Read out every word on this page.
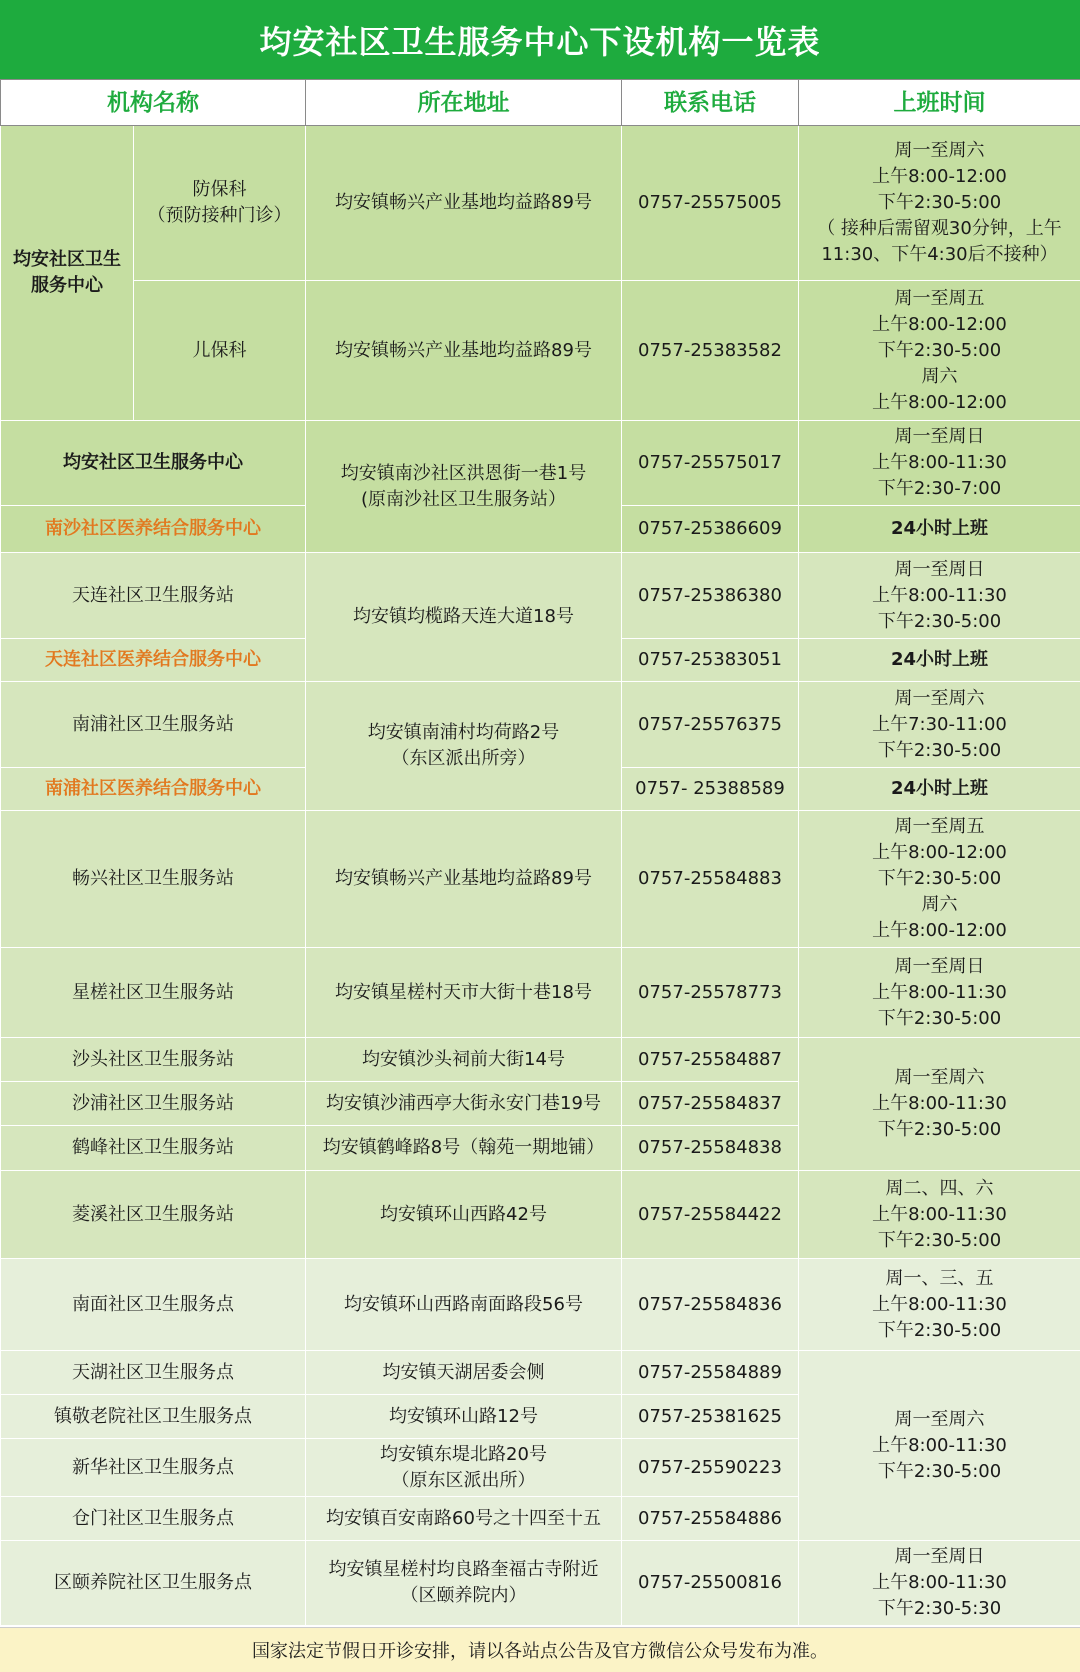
均安社区卫生服务中心下设机构一览表
机构名称		所在地址	联系电话	上班时间
均安社区卫生服务中心	防保科
（预防接种门诊）	均安镇畅兴产业基地均益路89号	0757-25575005	周一至周六
上午8:00-12:00
下午2:30-5:00
（ 接种后需留观30分钟，上午11:30、下午4:30后不接种）
	儿保科	均安镇畅兴产业基地均益路89号	0757-25383582	周一至周五
上午8:00-12:00
下午2:30-5:00
周六
上午8:00-12:00
均安社区卫生服务中心		均安镇南沙社区洪恩街一巷1号
(原南沙社区卫生服务站）	0757-25575017	周一至周日
上午8:00-11:30
下午2:30-7:00
南沙社区医养结合服务中心			0757-25386609	24小时上班
天连社区卫生服务站		均安镇均榄路天连大道18号	0757-25386380	周一至周日
上午8:00-11:30
下午2:30-5:00
天连社区医养结合服务中心			0757-25383051	24小时上班
南浦社区卫生服务站		均安镇南浦村均荷路2号
（东区派出所旁）	0757-25576375	周一至周六
上午7:30-11:00
下午2:30-5:00
南浦社区医养结合服务中心			0757- 25388589	24小时上班
畅兴社区卫生服务站		均安镇畅兴产业基地均益路89号	0757-25584883	周一至周五
上午8:00-12:00
下午2:30-5:00
周六
上午8:00-12:00
星槎社区卫生服务站		均安镇星槎村天市大街十巷18号	0757-25578773	周一至周日
上午8:00-11:30
下午2:30-5:00
沙头社区卫生服务站		均安镇沙头祠前大街14号	0757-25584887	周一至周六
上午8:00-11:30
下午2:30-5:00
沙浦社区卫生服务站		均安镇沙浦西亭大街永安门巷19号	0757-25584837	
鹤峰社区卫生服务站		均安镇鹤峰路8号（翰苑一期地铺）	0757-25584838	
菱溪社区卫生服务站		均安镇环山西路42号	0757-25584422	周二、四、六
上午8:00-11:30
下午2:30-5:00
南面社区卫生服务点		均安镇环山西路南面路段56号	0757-25584836	周一、三、五
上午8:00-11:30
下午2:30-5:00
天湖社区卫生服务点		均安镇天湖居委会侧	0757-25584889	周一至周六
上午8:00-11:30
下午2:30-5:00
镇敬老院社区卫生服务点		均安镇环山路12号	0757-25381625	
新华社区卫生服务点		均安镇东堤北路20号
（原东区派出所）	0757-25590223	
仓门社区卫生服务点		均安镇百安南路60号之十四至十五	0757-25584886	
区颐养院社区卫生服务点		均安镇星槎村均良路奎福古寺附近
（区颐养院内）	0757-25500816	周一至周日
上午8:00-11:30
下午2:30-5:30
国家法定节假日开诊安排，请以各站点公告及官方微信公众号发布为准。
